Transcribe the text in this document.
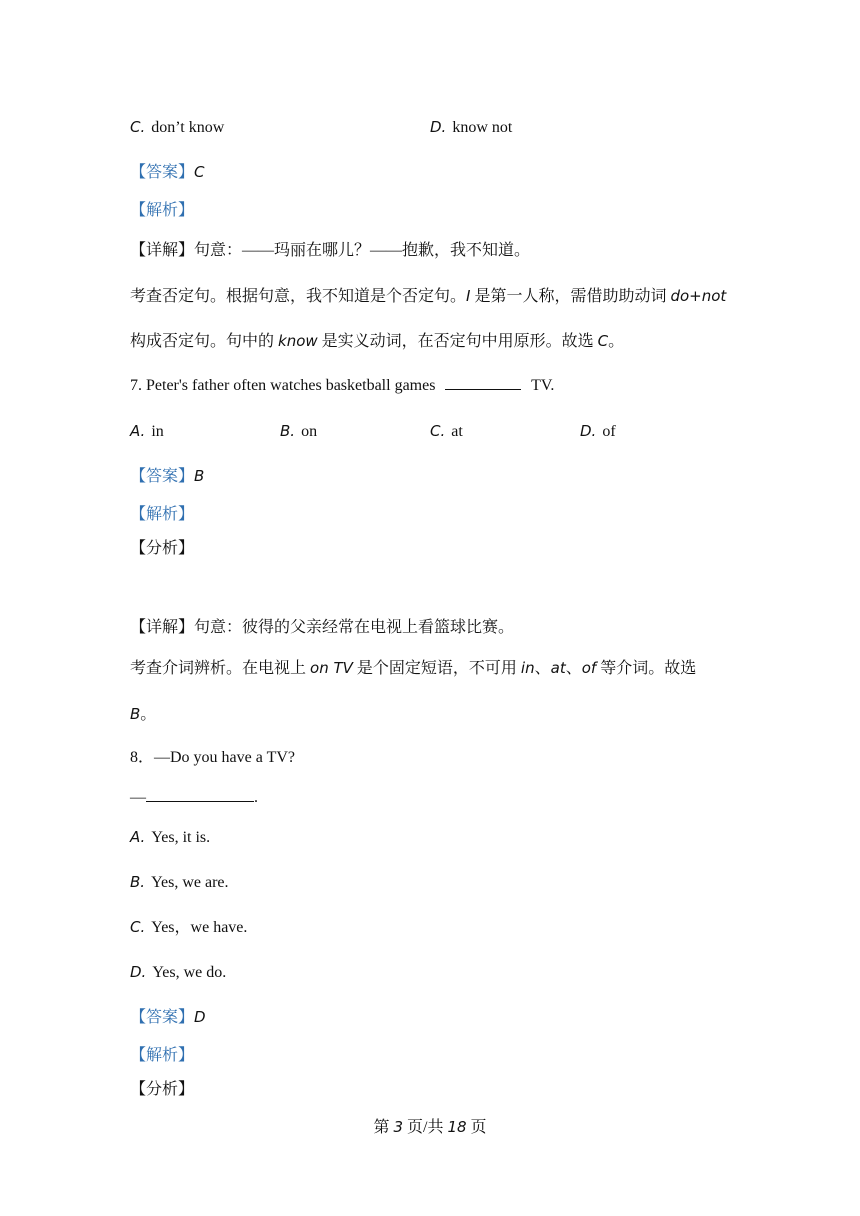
C. don’t know	D. know not
【答案】C
【解析】
【详解】句意：——玛丽在哪儿？——抱歉，我不知道。
考查否定句。根据句意，我不知道是个否定句。I 是第一人称，需借助助动词 do+not
构成否定句。句中的 know 是实义动词，在否定句中用原形。故选 C。
7. Peter's father often watches basketball games	TV.
A. in	B. on	C. at	D. of
【答案】B
【解析】
【分析】
【详解】句意：彼得的父亲经常在电视上看篮球比赛。
考查介词辨析。在电视上 on TV 是个固定短语，不可用 in、at、of 等介词。故选
B。
8．—Do you have a TV?
—	.
A. Yes, it is.
B. Yes, we are.
C. Yes，we have.
D. Yes, we do.
【答案】D
【解析】
【分析】
第 3 页/共 18 页
